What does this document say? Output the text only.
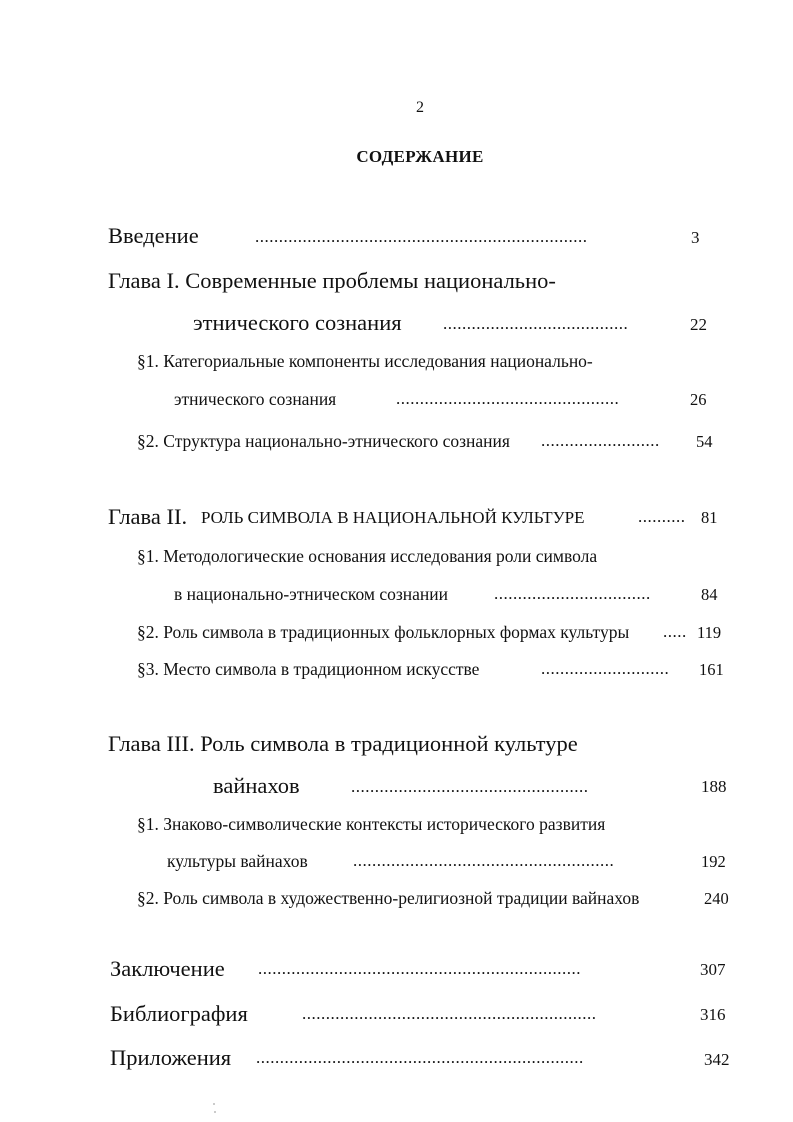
2
СОДЕРЖАНИЕ
Введение	......................................................................	3
Глава I. Современные проблемы национально-
этнического сознания .......................................	22
§1. Категориальные компоненты исследования национально-
этнического сознания	...............................................	26
§2. Структура национально-этнического сознания ......................... 54
Глава II. РОЛЬ СИМВОЛА В НАЦИОНАЛЬНОЙ КУЛЬТУРЕ	.......... 81
§1. Методологические основания исследования роли символа
в национально-этническом сознании	.................................	84
§2. Роль символа в традиционных фольклорных формах культуры ..... 119
§3. Место символа в традиционном искусстве	........................... 161
Глава III. Роль символа в традиционной культуре
вайнахов	..................................................	188
§1. Знаково-символические контексты исторического развития
культуры вайнахов	.......................................................	192
§2. Роль символа в художественно-религиозной традиции вайнахов	240
Заключение ....................................................................	307
Библиография	..............................................................	316
Приложения .....................................................................	342
